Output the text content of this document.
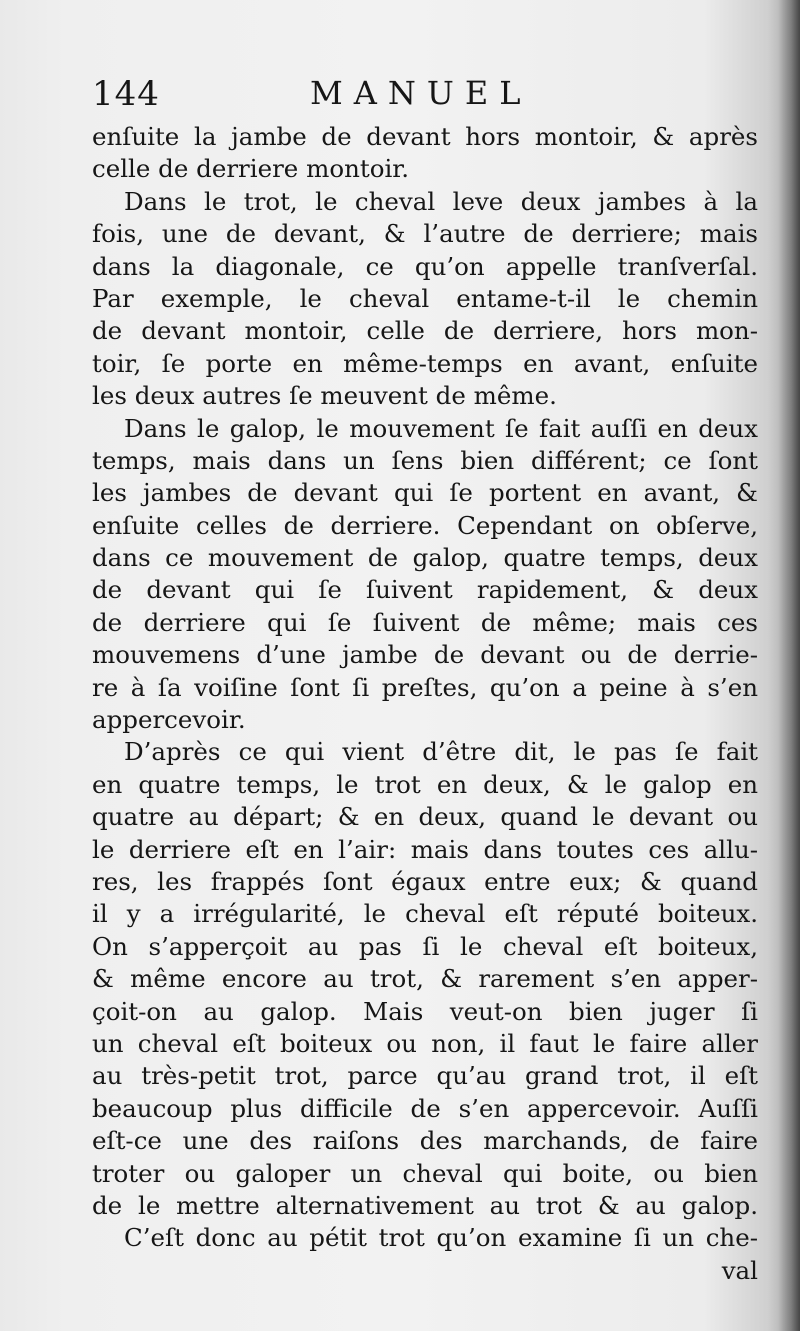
144	MANUEL
enſuite la jambe de devant hors montoir, & après
celle de derriere montoir.
Dans le trot, le cheval leve deux jambes à la
fois, une de devant, & l’autre de derriere; mais
dans la diagonale, ce qu’on appelle tranſverſal.
Par exemple, le cheval entame-t-il le chemin
de devant montoir, celle de derriere, hors mon-
toir, ſe porte en même-temps en avant, enſuite
les deux autres ſe meuvent de même.
Dans le galop, le mouvement ſe fait auſſi en deux
temps, mais dans un ſens bien différent; ce ſont
les jambes de devant qui ſe portent en avant, &
enſuite celles de derriere. Cependant on obſerve,
dans ce mouvement de galop, quatre temps, deux
de devant qui ſe ſuivent rapidement, & deux
de derriere qui ſe ſuivent de même; mais ces
mouvemens d’une jambe de devant ou de derrie-
re à ſa voiſine ſont ſi preſtes, qu’on a peine à s’en
appercevoir.
D’après ce qui vient d’être dit, le pas ſe fait
en quatre temps, le trot en deux, & le galop en
quatre au départ; & en deux, quand le devant ou
le derriere eſt en l’air: mais dans toutes ces allu-
res, les frappés ſont égaux entre eux; & quand
il y a irrégularité, le cheval eſt réputé boiteux.
On s’apperçoit au pas ſi le cheval eſt boiteux,
& même encore au trot, & rarement s’en apper-
çoit-on au galop. Mais veut-on bien juger ſi
un cheval eſt boiteux ou non, il faut le faire aller
au très-petit trot, parce qu’au grand trot, il eſt
beaucoup plus difficile de s’en appercevoir. Auſſi
eſt-ce une des raiſons des marchands, de faire
troter ou galoper un cheval qui boite, ou bien
de le mettre alternativement au trot & au galop.
C’eſt donc au pétit trot qu’on examine ſi un che-
val
